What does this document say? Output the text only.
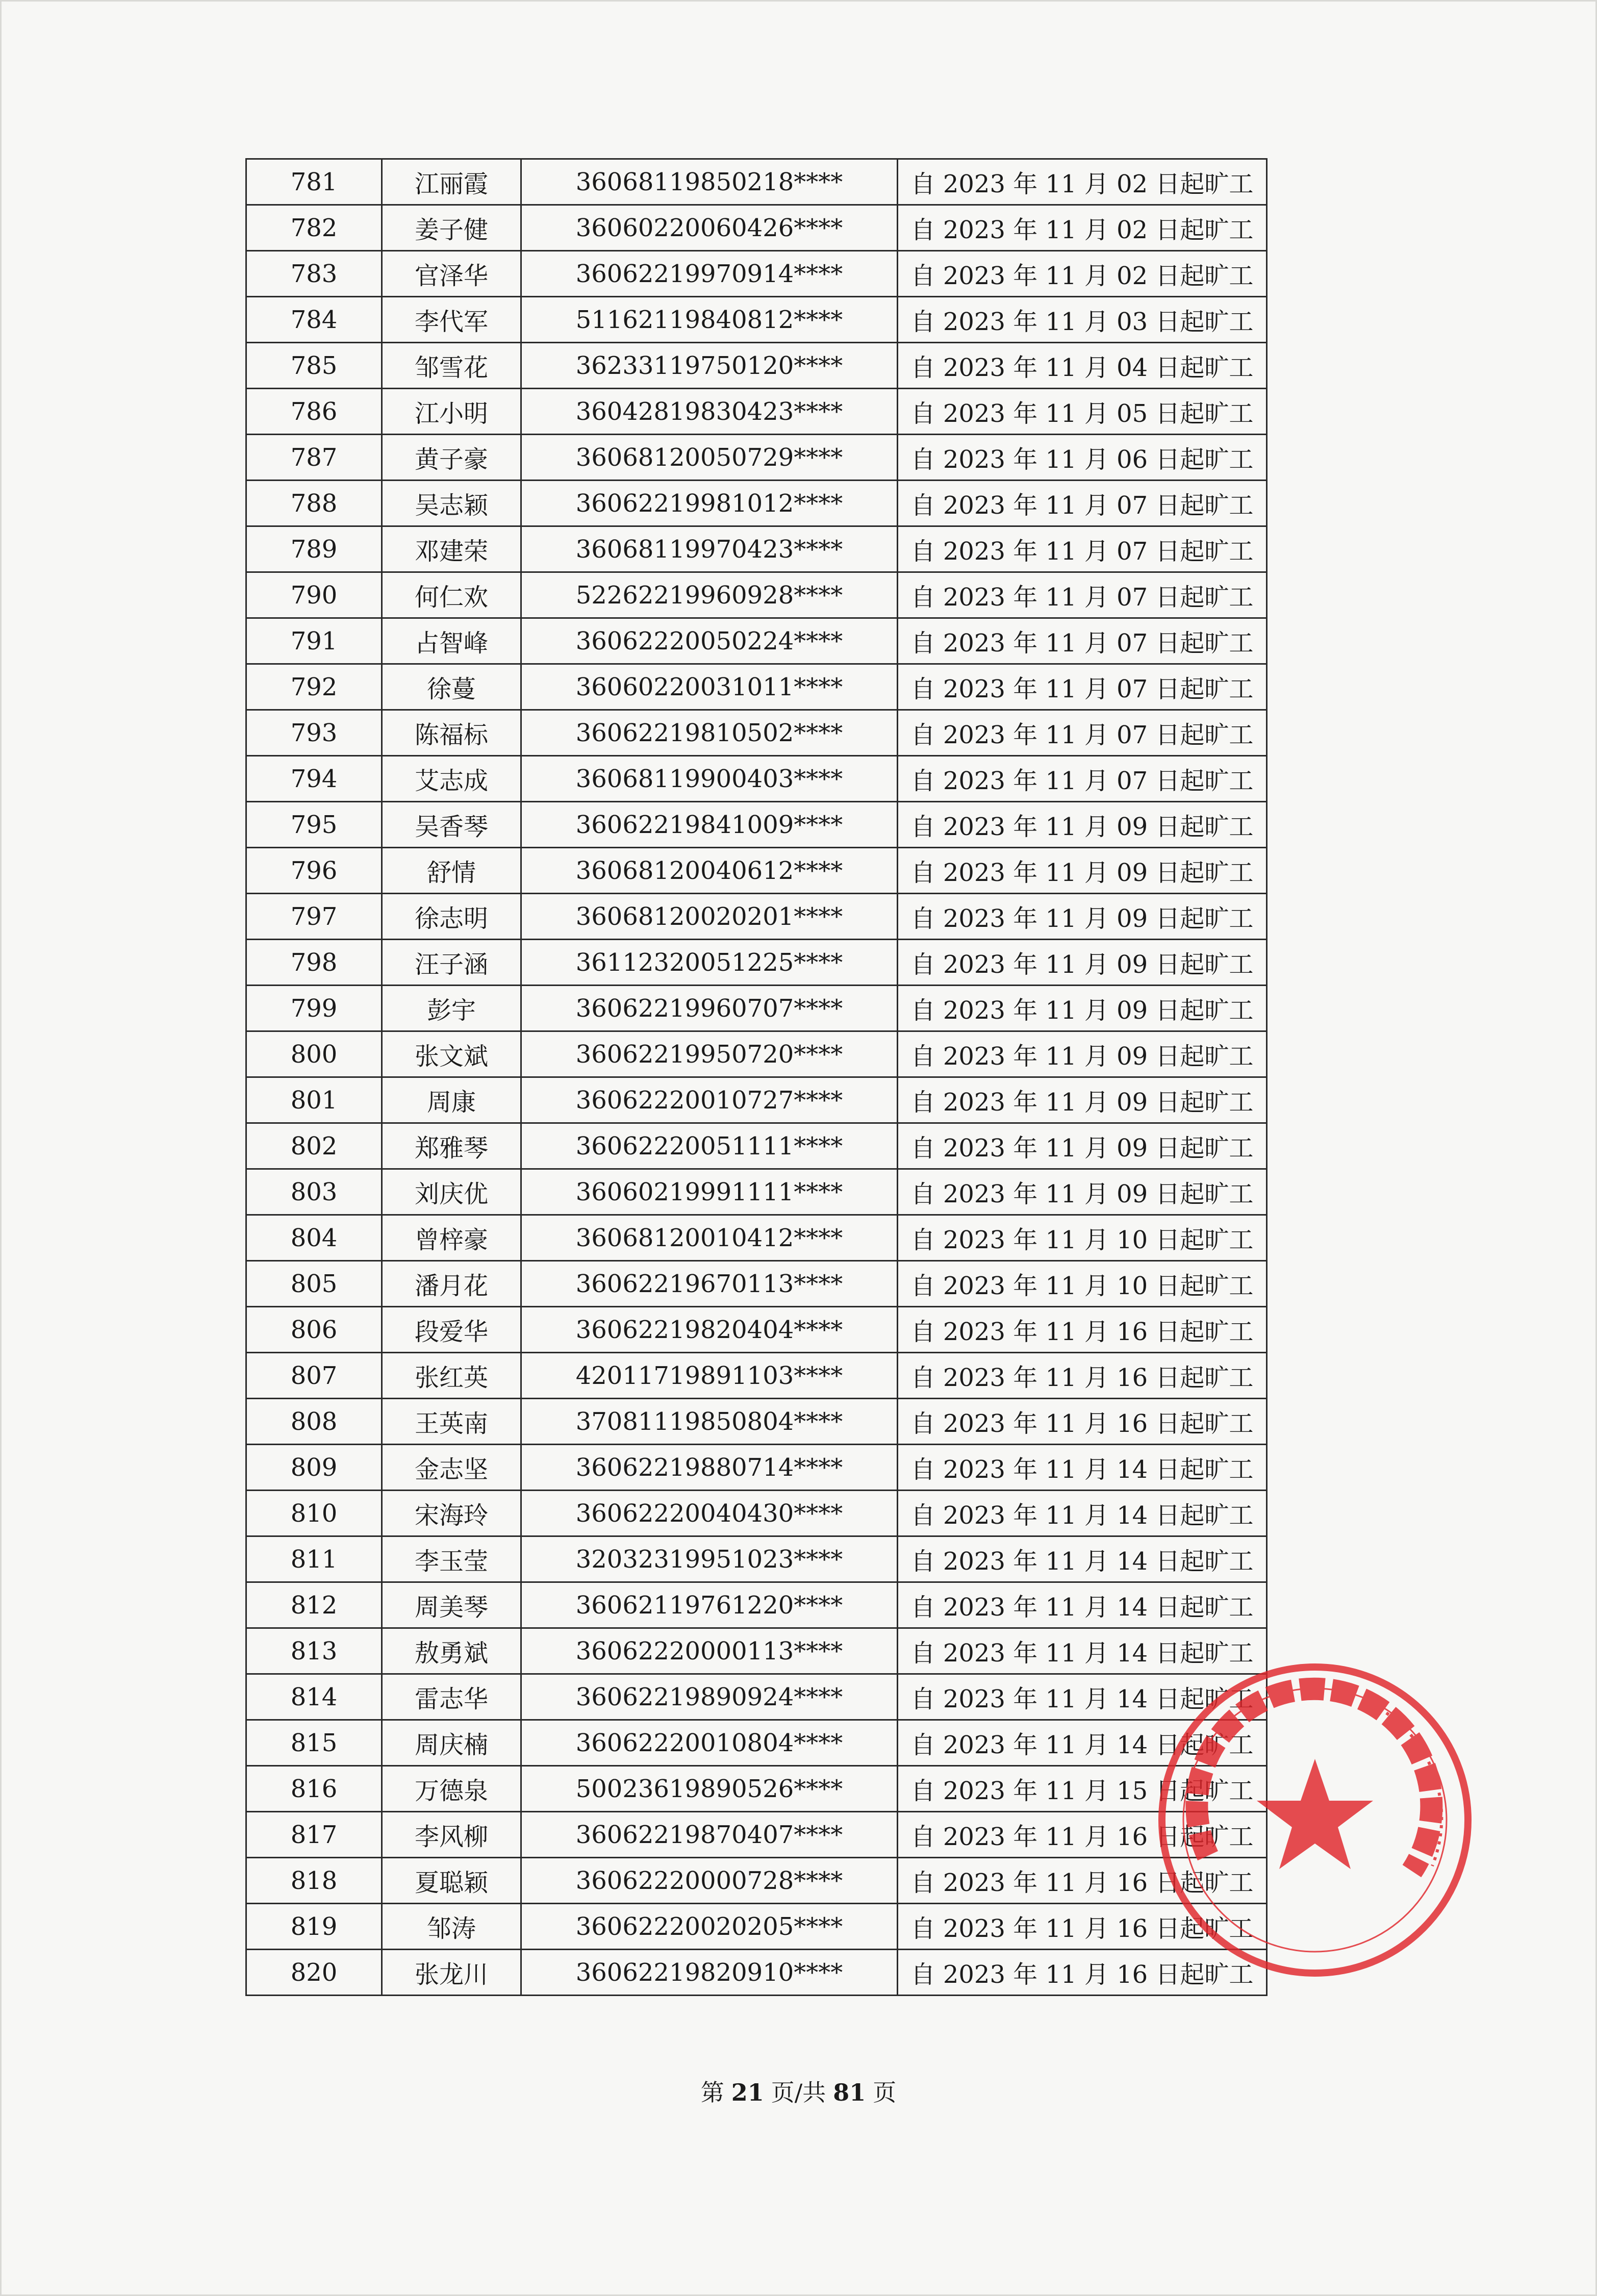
781	江丽霞	36068119850218****	自 2023 年 11 月 02 日起旷工
782	姜子健	36060220060426****	自 2023 年 11 月 02 日起旷工
783	官泽华	36062219970914****	自 2023 年 11 月 02 日起旷工
784	李代军	51162119840812****	自 2023 年 11 月 03 日起旷工
785	邹雪花	36233119750120****	自 2023 年 11 月 04 日起旷工
786	江小明	36042819830423****	自 2023 年 11 月 05 日起旷工
787	黄子豪	36068120050729****	自 2023 年 11 月 06 日起旷工
788	吴志颖	36062219981012****	自 2023 年 11 月 07 日起旷工
789	邓建荣	36068119970423****	自 2023 年 11 月 07 日起旷工
790	何仁欢	52262219960928****	自 2023 年 11 月 07 日起旷工
791	占智峰	36062220050224****	自 2023 年 11 月 07 日起旷工
792	徐蔓	36060220031011****	自 2023 年 11 月 07 日起旷工
793	陈福标	36062219810502****	自 2023 年 11 月 07 日起旷工
794	艾志成	36068119900403****	自 2023 年 11 月 07 日起旷工
795	吴香琴	36062219841009****	自 2023 年 11 月 09 日起旷工
796	舒情	36068120040612****	自 2023 年 11 月 09 日起旷工
797	徐志明	36068120020201****	自 2023 年 11 月 09 日起旷工
798	汪子涵	36112320051225****	自 2023 年 11 月 09 日起旷工
799	彭宇	36062219960707****	自 2023 年 11 月 09 日起旷工
800	张文斌	36062219950720****	自 2023 年 11 月 09 日起旷工
801	周康	36062220010727****	自 2023 年 11 月 09 日起旷工
802	郑雅琴	36062220051111****	自 2023 年 11 月 09 日起旷工
803	刘庆优	36060219991111****	自 2023 年 11 月 09 日起旷工
804	曾梓豪	36068120010412****	自 2023 年 11 月 10 日起旷工
805	潘月花	36062219670113****	自 2023 年 11 月 10 日起旷工
806	段爱华	36062219820404****	自 2023 年 11 月 16 日起旷工
807	张红英	42011719891103****	自 2023 年 11 月 16 日起旷工
808	王英南	37081119850804****	自 2023 年 11 月 16 日起旷工
809	金志坚	36062219880714****	自 2023 年 11 月 14 日起旷工
810	宋海玲	36062220040430****	自 2023 年 11 月 14 日起旷工
811	李玉莹	32032319951023****	自 2023 年 11 月 14 日起旷工
812	周美琴	36062119761220****	自 2023 年 11 月 14 日起旷工
813	敖勇斌	36062220000113****	自 2023 年 11 月 14 日起旷工
814	雷志华	36062219890924****	自 2023 年 11 月 14 日起旷工
815	周庆楠	36062220010804****	自 2023 年 11 月 14 日起旷工
816	万德泉	50023619890526****	自 2023 年 11 月 15 日起旷工
817	李风柳	36062219870407****	自 2023 年 11 月 16 日起旷工
818	夏聪颖	36062220000728****	自 2023 年 11 月 16 日起旷工
819	邹涛	36062220020205****	自 2023 年 11 月 16 日起旷工
820	张龙川	36062219820910****	自 2023 年 11 月 16 日起旷工
第 21 页/共 81 页
